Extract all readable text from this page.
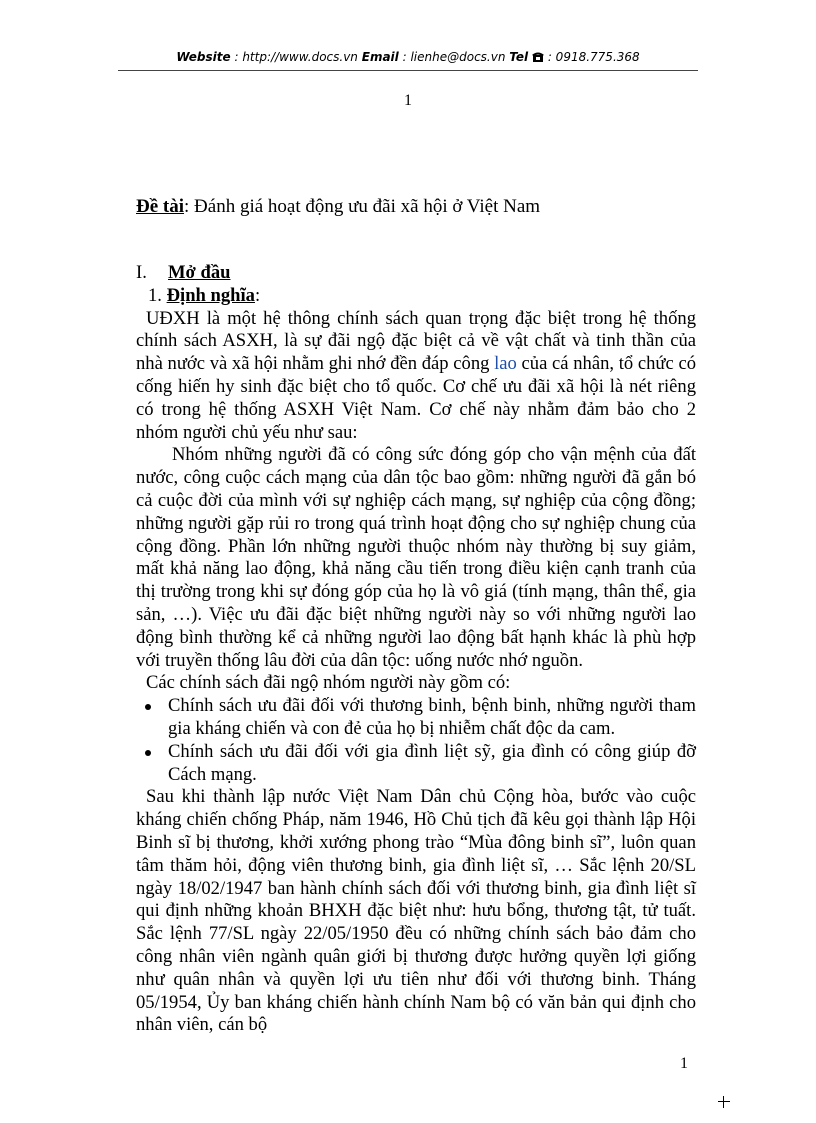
Website : http://www.docs.vn Email : lienhe@docs.vn Tel : 0918.775.368
1
Đề tài: Đánh giá hoạt động ưu đãi xã hội ở Việt Nam
I.	Mở đầu
1. Định nghĩa:

UĐXH là một hệ thông chính sách quan trọng đặc biệt trong hệ thống chính sách ASXH, là sự đãi ngộ đặc biệt cả về vật chất và tinh thần của nhà nước và xã hội nhằm ghi nhớ đền đáp công lao của cá nhân, tổ chức có cống hiến hy sinh đặc biệt cho tổ quốc. Cơ chế ưu đãi xã hội là nét riêng có trong hệ thống ASXH Việt Nam. Cơ chế này nhằm đảm bảo cho 2 nhóm người chủ yếu như sau:

Nhóm những người đã có công sức đóng góp cho vận mệnh của đất nước, công cuộc cách mạng của dân tộc bao gồm: những người đã gắn bó cả cuộc đời của mình với sự nghiệp cách mạng, sự nghiệp của cộng đồng; những người gặp rủi ro trong quá trình hoạt động cho sự nghiệp chung của cộng đồng. Phần lớn những người thuộc nhóm này thường bị suy giảm, mất khả năng lao động, khả năng cầu tiến trong điều kiện cạnh tranh của thị trường trong khi sự đóng góp của họ là vô giá (tính mạng, thân thể, gia sản, …). Việc ưu đãi đặc biệt những người này so với những người lao động bình thường kể cả những người lao động bất hạnh khác là phù hợp với truyền thống lâu đời của dân tộc: uống nước nhớ nguồn.

Các chính sách đãi ngộ nhóm người này gồm có:

Chính sách ưu đãi đối với thương binh, bệnh binh, những người tham gia kháng chiến và con đẻ của họ bị nhiễm chất độc da cam.
Chính sách ưu đãi đối với gia đình liệt sỹ, gia đình có công giúp đỡ Cách mạng.

Sau khi thành lập nước Việt Nam Dân chủ Cộng hòa, bước vào cuộc kháng chiến chống Pháp, năm 1946, Hồ Chủ tịch đã kêu gọi thành lập Hội Binh sĩ bị thương, khởi xướng phong trào “Mùa đông binh sĩ”, luôn quan tâm thăm hỏi, động viên thương binh, gia đình liệt sĩ, … Sắc lệnh 20/SL ngày 18/02/1947 ban hành chính sách đối với thương binh, gia đình liệt sĩ qui định những khoản BHXH đặc biệt như: hưu bổng, thương tật, tử tuất. Sắc lệnh 77/SL ngày 22/05/1950 đều có những chính sách bảo đảm cho công nhân viên ngành quân giới bị thương được hưởng quyền lợi giống như quân nhân và quyền lợi ưu tiên như đối với thương binh. Tháng 05/1954, Ủy ban kháng chiến hành chính Nam bộ có văn bản qui định cho nhân viên, cán bộ

1
